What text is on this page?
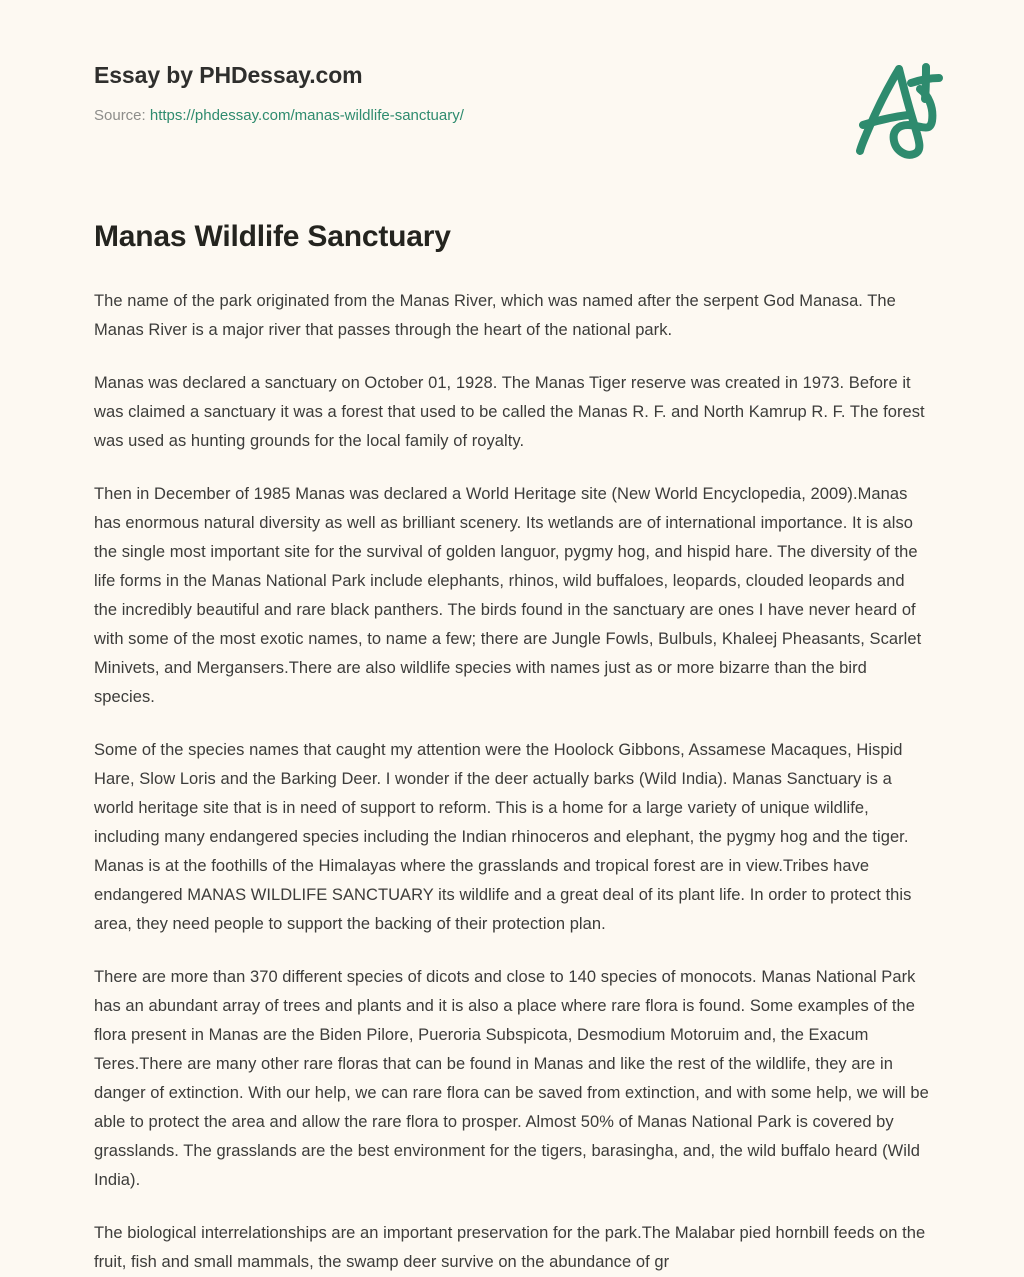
Essay by PHDessay.com
Source: https://phdessay.com/manas-wildlife-sanctuary/
Manas Wildlife Sanctuary

The name of the park originated from the Manas River, which was named after the serpent God Manasa. The Manas River is a major river that passes through the heart of the national park.

Manas was declared a sanctuary on October 01, 1928. The Manas Tiger reserve was created in 1973. Before it was claimed a sanctuary it was a forest that used to be called the Manas R. F. and North Kamrup R. F. The forest was used as hunting grounds for the local family of royalty.

Then in December of 1985 Manas was declared a World Heritage site (New World Encyclopedia, 2009).Manas has enormous natural diversity as well as brilliant scenery. Its wetlands are of international importance. It is also the single most important site for the survival of golden languor, pygmy hog, and hispid hare. The diversity of the life forms in the Manas National Park include elephants, rhinos, wild buffaloes, leopards, clouded leopards and the incredibly beautiful and rare black panthers. The birds found in the sanctuary are ones I have never heard of with some of the most exotic names, to name a few; there are Jungle Fowls, Bulbuls, Khaleej Pheasants, Scarlet Minivets, and Mergansers.There are also wildlife species with names just as or more bizarre than the bird species.

Some of the species names that caught my attention were the Hoolock Gibbons, Assamese Macaques, Hispid Hare, Slow Loris and the Barking Deer. I wonder if the deer actually barks (Wild India). Manas Sanctuary is a world heritage site that is in need of support to reform. This is a home for a large variety of unique wildlife, including many endangered species including the Indian rhinoceros and elephant, the pygmy hog and the tiger. Manas is at the foothills of the Himalayas where the grasslands and tropical forest are in view.Tribes have endangered MANAS WILDLIFE SANCTUARY its wildlife and a great deal of its plant life. In order to protect this area, they need people to support the backing of their protection plan.

There are more than 370 different species of dicots and close to 140 species of monocots. Manas National Park has an abundant array of trees and plants and it is also a place where rare flora is found. Some examples of the flora present in Manas are the Biden Pilore, Pueroria Subspicota, Desmodium Motoruim and, the Exacum Teres.There are many other rare floras that can be found in Manas and like the rest of the wildlife, they are in danger of extinction. With our help, we can rare flora can be saved from extinction, and with some help, we will be able to protect the area and allow the rare flora to prosper. Almost 50% of Manas National Park is covered by grasslands. The grasslands are the best environment for the tigers, barasingha, and, the wild buffalo heard (Wild India).

The biological interrelationships are an important preservation for the park.The Malabar pied hornbill feeds on the fruit, fish and small mammals, the swamp deer survive on the abundance of gr
